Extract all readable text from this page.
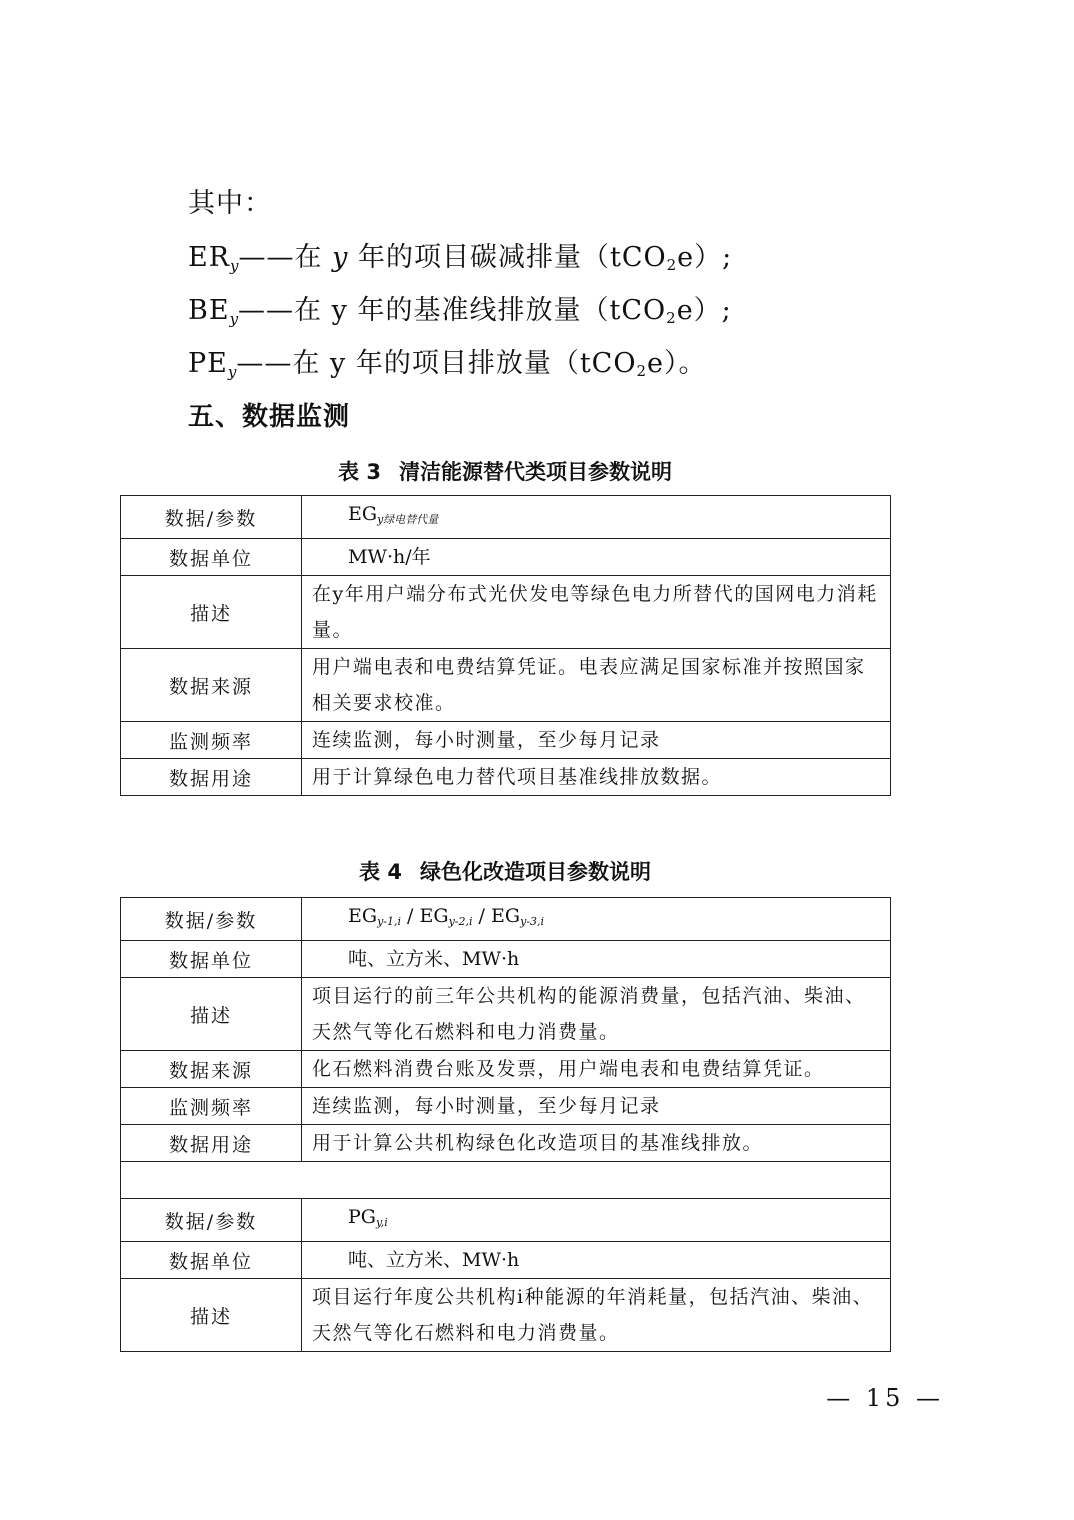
其中：
$ER_y——$在 y 年的项目碳减排量（tCO2e）;
$BE_y——$在 y 年的基准线排放量（tCO2e）;
$PE_y——$在 y 年的项目排放量（tCO2e）。
五、数据监测
表 3 清洁能源替代类项目参数说明
数据/参数	$EG_{y绿电替代量}$
数据单位	MW·h/年
描述	在y年用户端分布式光伏发电等绿色电力所替代的国网电力消耗量。
数据来源	用户端电表和电费结算凭证。电表应满足国家标准并按照国家相关要求校准。
监测频率	连续监测，每小时测量，至少每月记录
数据用途	用于计算绿色电力替代项目基准线排放数据。
表 4 绿色化改造项目参数说明
数据/参数	$EG_{y-1,i} / EG_{y-2,i} / EG_{y-3,i}$
数据单位	吨、立方米、MW·h
描述	项目运行的前三年公共机构的能源消费量，包括汽油、柴油、天然气等化石燃料和电力消费量。
数据来源	化石燃料消费台账及发票，用户端电表和电费结算凭证。
监测频率	连续监测，每小时测量，至少每月记录
数据用途	用于计算公共机构绿色化改造项目的基准线排放。

数据/参数	$PG_{y,i}$
数据单位	吨、立方米、MW·h
描述	项目运行年度公共机构i种能源的年消耗量，包括汽油、柴油、天然气等化石燃料和电力消费量。
— 15 —
